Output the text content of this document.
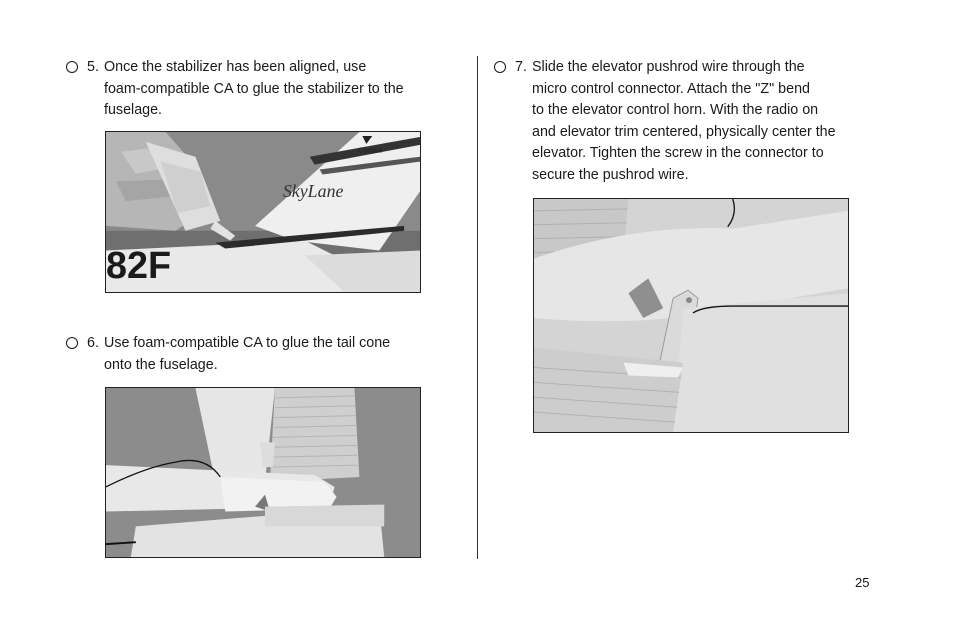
5. Once the stabilizer has been aligned, use
foam-compatible CA to glue the stabilizer to the
fuselage.
82F
SkyLane
Cessna
6. Use foam-compatible CA to glue the tail cone
onto the fuselage.
7. Slide the elevator pushrod wire through the
micro control connector. Attach the "Z" bend
to the elevator control horn. With the radio on
and elevator trim centered, physically center the
elevator. Tighten the screw in the connector to
secure the pushrod wire.
25
